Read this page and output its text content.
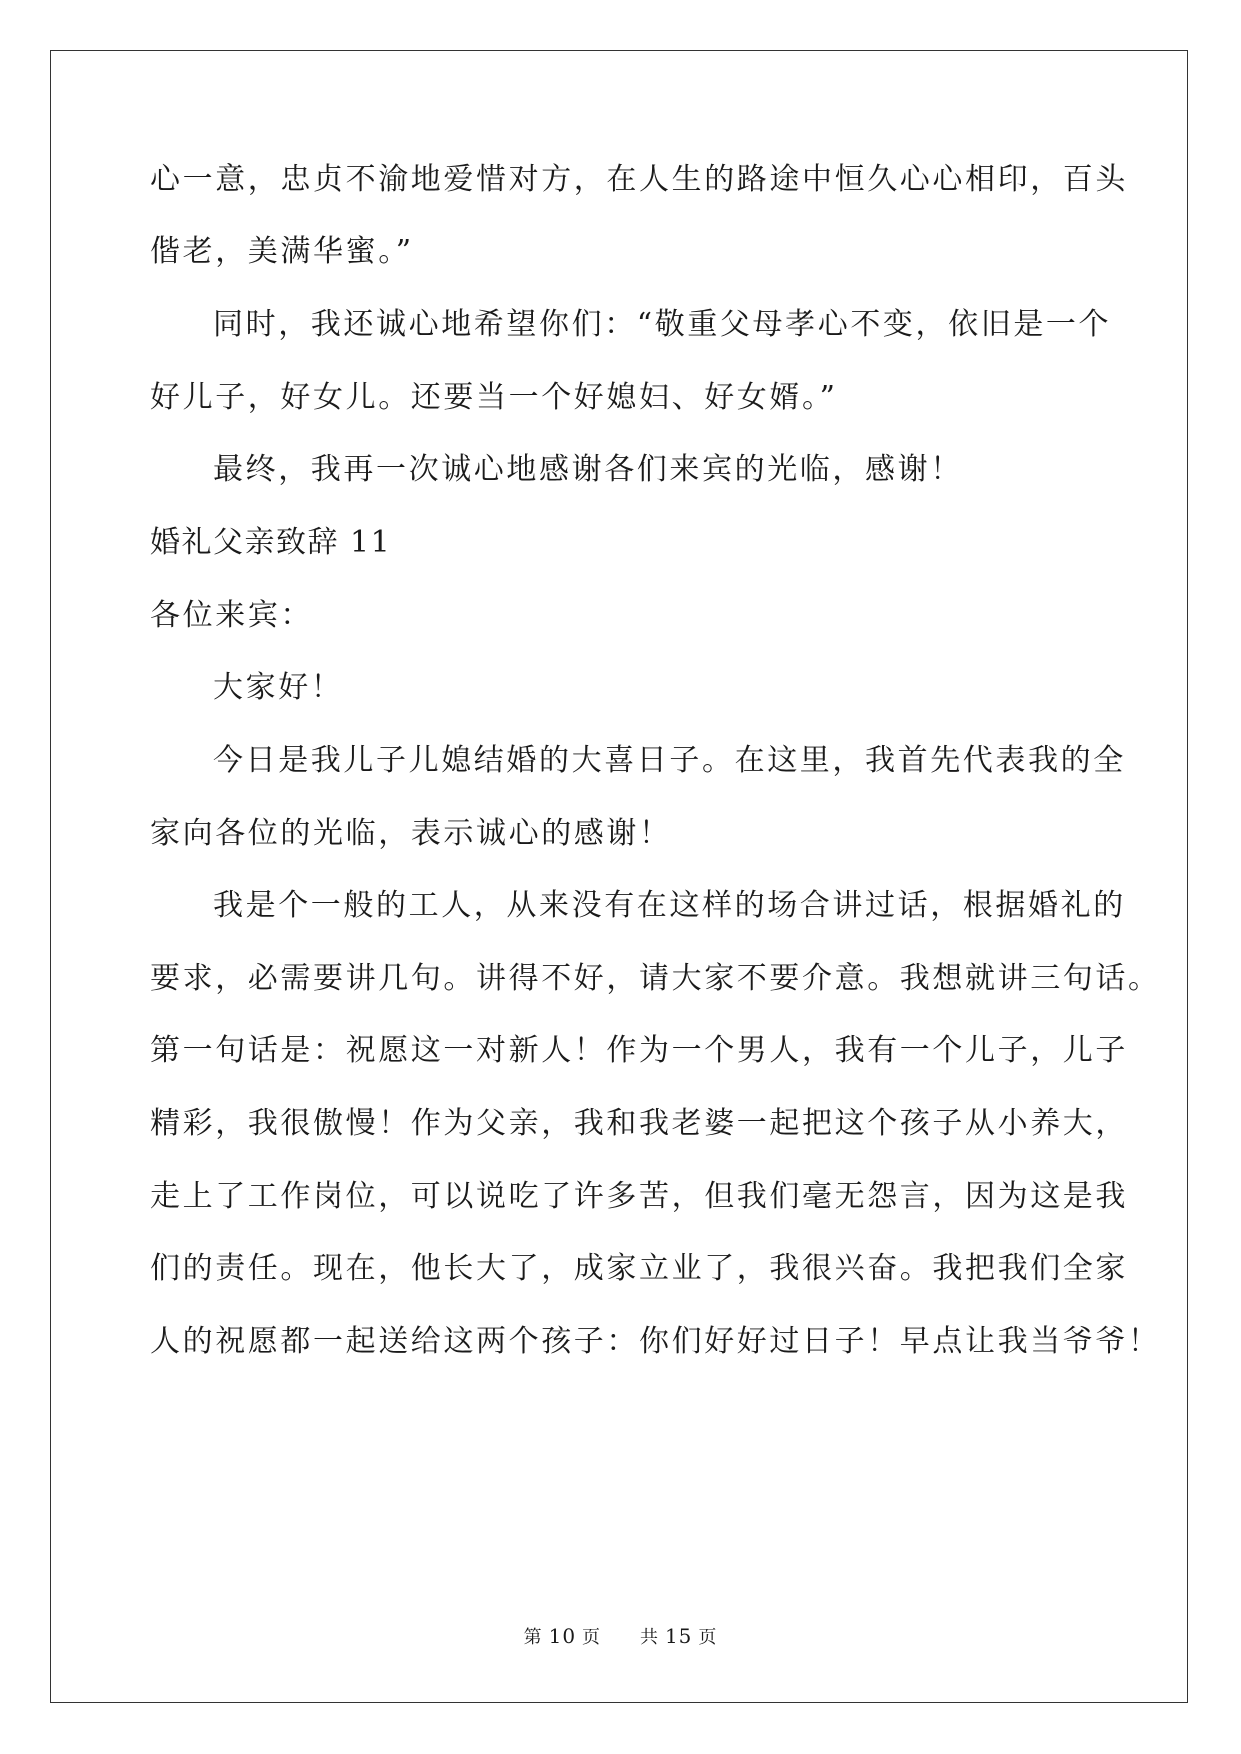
心一意，忠贞不渝地爱惜对方，在人生的路途中恒久心心相印，百头
偕老，美满华蜜。”
同时，我还诚心地希望你们：“敬重父母孝心不变，依旧是一个
好儿子，好女儿。还要当一个好媳妇、好女婿。”
最终，我再一次诚心地感谢各们来宾的光临，感谢！
婚礼父亲致辞 11
各位来宾：
大家好！
今日是我儿子儿媳结婚的大喜日子。在这里，我首先代表我的全
家向各位的光临，表示诚心的感谢！
我是个一般的工人，从来没有在这样的场合讲过话，根据婚礼的
要求，必需要讲几句。讲得不好，请大家不要介意。我想就讲三句话。
第一句话是：祝愿这一对新人！作为一个男人，我有一个儿子，儿子
精彩，我很傲慢！作为父亲，我和我老婆一起把这个孩子从小养大，
走上了工作岗位，可以说吃了许多苦，但我们毫无怨言，因为这是我
们的责任。现在，他长大了，成家立业了，我很兴奋。我把我们全家
人的祝愿都一起送给这两个孩子：你们好好过日子！早点让我当爷爷！
第 10 页 共 15 页
